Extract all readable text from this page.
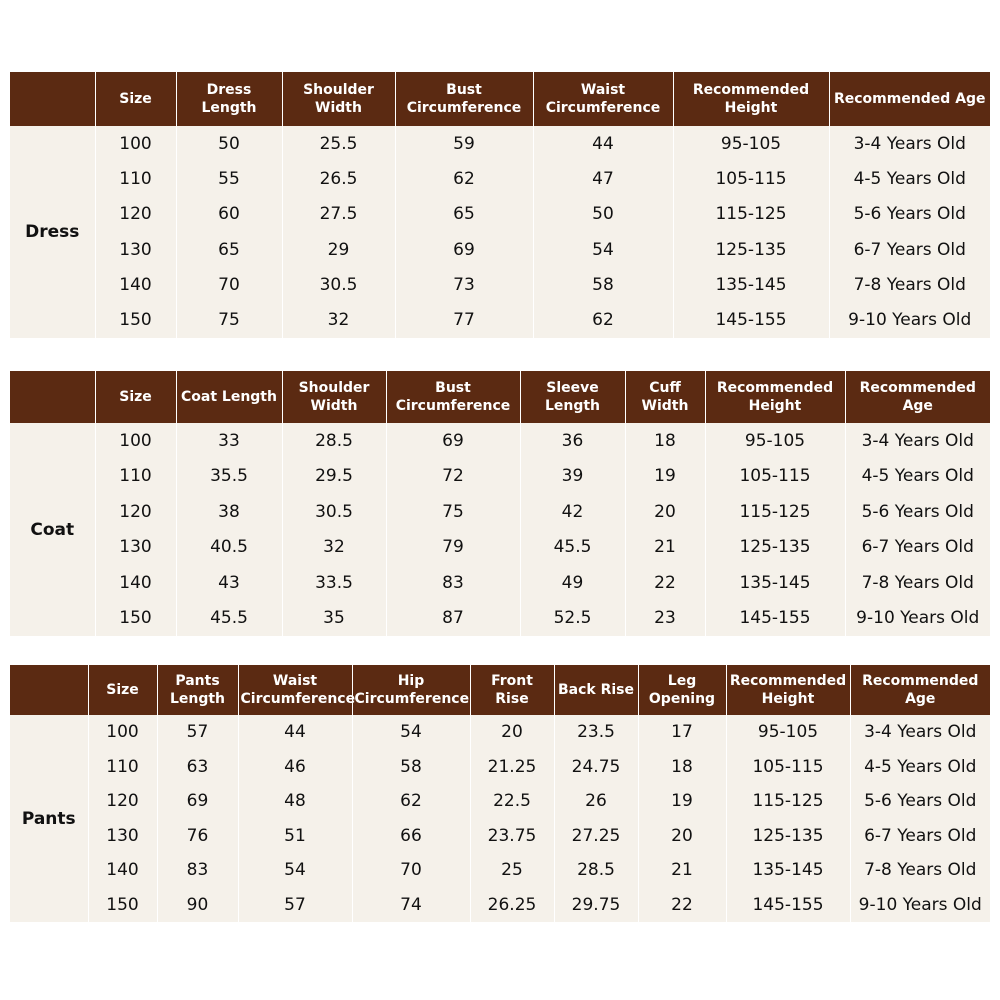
	Size	Dress Length	Shoulder Width	Bust Circumference	Waist Circumference	Recommended Height	Recommended Age
Dress	100	50	25.5	59	44	95-105	3-4 Years Old
	110	55	26.5	62	47	105-115	4-5 Years Old
	120	60	27.5	65	50	115-125	5-6 Years Old
	130	65	29	69	54	125-135	6-7 Years Old
	140	70	30.5	73	58	135-145	7-8 Years Old
	150	75	32	77	62	145-155	9-10 Years Old
	Size	Coat Length	Shoulder Width	Bust Circumference	Sleeve Length	Cuff Width	Recommended Height	Recommended Age
Coat	100	33	28.5	69	36	18	95-105	3-4 Years Old
	110	35.5	29.5	72	39	19	105-115	4-5 Years Old
	120	38	30.5	75	42	20	115-125	5-6 Years Old
	130	40.5	32	79	45.5	21	125-135	6-7 Years Old
	140	43	33.5	83	49	22	135-145	7-8 Years Old
	150	45.5	35	87	52.5	23	145-155	9-10 Years Old
	Size	Pants Length	Waist Circumference	Hip Circumference	Front Rise	Back Rise	Leg Opening	Recommended Height	Recommended Age
Pants	100	57	44	54	20	23.5	17	95-105	3-4 Years Old
	110	63	46	58	21.25	24.75	18	105-115	4-5 Years Old
	120	69	48	62	22.5	26	19	115-125	5-6 Years Old
	130	76	51	66	23.75	27.25	20	125-135	6-7 Years Old
	140	83	54	70	25	28.5	21	135-145	7-8 Years Old
	150	90	57	74	26.25	29.75	22	145-155	9-10 Years Old
